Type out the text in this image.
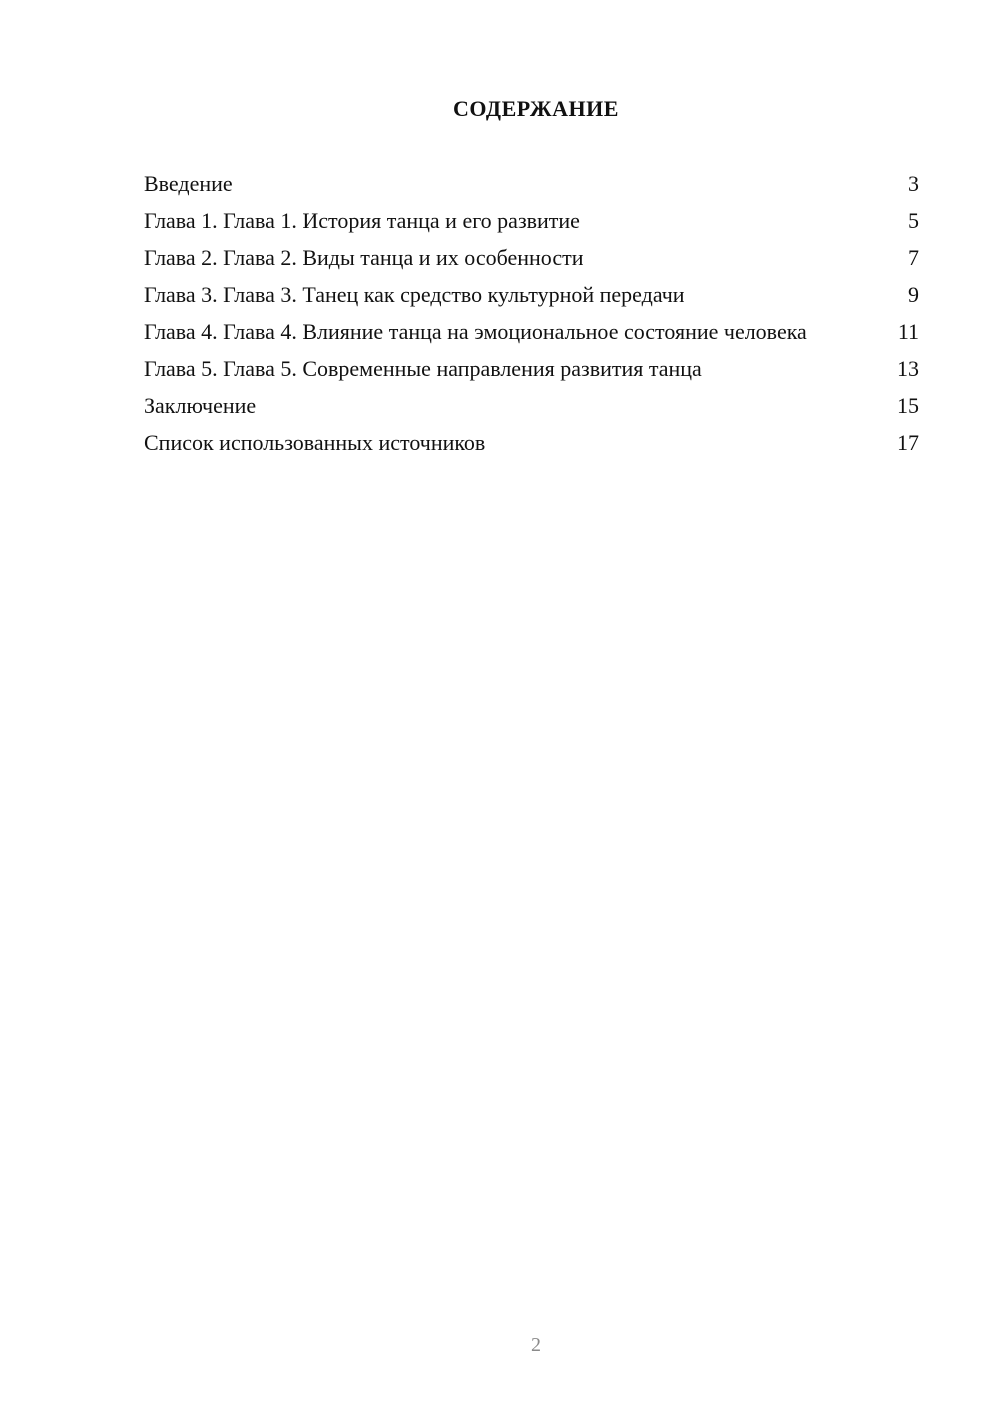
СОДЕРЖАНИЕ
Введение	3
Глава 1. Глава 1. История танца и его развитие	5
Глава 2. Глава 2. Виды танца и их особенности	7
Глава 3. Глава 3. Танец как средство культурной передачи	9
Глава 4. Глава 4. Влияние танца на эмоциональное состояние человека	11
Глава 5. Глава 5. Современные направления развития танца	13
Заключение	15
Список использованных источников	17
2
